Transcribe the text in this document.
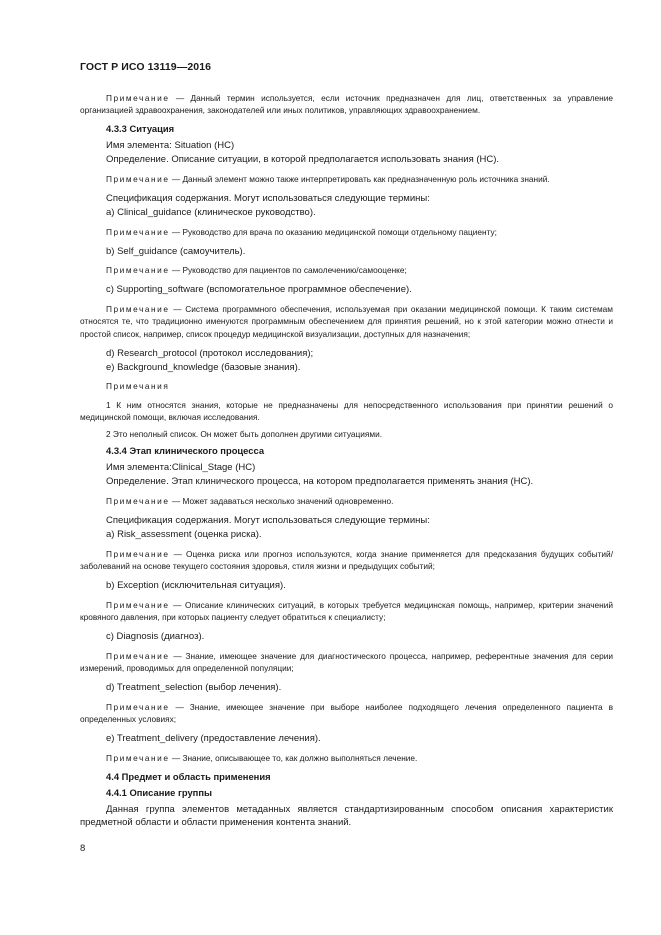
ГОСТ Р ИСО 13119—2016

Примечание — Данный термин используется, если источник предназначен для лиц, ответственных за управление организацией здравоохранения, законодателей или иных политиков, управляющих здравоохранением.

4.3.3 Ситуация

Имя элемента: Situation (HC)

Определение. Описание ситуации, в которой предполагается использовать знания (НС).

Примечание — Данный элемент можно также интерпретировать как предназначенную роль источника знаний.

Спецификация содержания. Могут использоваться следующие термины:

a) Clinical_guidance (клиническое руководство).

Примечание — Руководство для врача по оказанию медицинской помощи отдельному пациенту;

b) Self_guidance (самоучитель).

Примечание — Руководство для пациентов по самолечению/самооценке;

c) Supporting_software (вспомогательное программное обеспечение).

Примечание — Система программного обеспечения, используемая при оказании медицинской помощи. К таким системам относятся те, что традиционно именуются программным обеспечением для принятия решений, но к этой категории можно отнести и простой список, например, список процедур медицинской визуализации, доступных для назначения;

d) Research_protocol (протокол исследования);

e) Background_knowledge (базовые знания).

Примечания

1 К ним относятся знания, которые не предназначены для непосредственного использования при принятии решений о медицинской помощи, включая исследования.

2 Это неполный список. Он может быть дополнен другими ситуациями.

4.3.4 Этап клинического процесса

Имя элемента:Clinical_Stage (HC)

Определение. Этап клинического процесса, на котором предполагается применять знания (НС).

Примечание — Может задаваться несколько значений одновременно.

Спецификация содержания. Могут использоваться следующие термины:

a) Risk_assessment (оценка риска).

Примечание — Оценка риска или прогноз используются, когда знание применяется для предсказания будущих событий/заболеваний на основе текущего состояния здоровья, стиля жизни и предыдущих событий;

b) Exception (исключительная ситуация).

Примечание — Описание клинических ситуаций, в которых требуется медицинская помощь, например, критерии значений кровяного давления, при которых пациенту следует обратиться к специалисту;

c) Diagnosis (диагноз).

Примечание — Знание, имеющее значение для диагностического процесса, например, референтные значения для серии измерений, проводимых для определенной популяции;

d) Treatment_selection (выбор лечения).

Примечание — Знание, имеющее значение при выборе наиболее подходящего лечения определенного пациента в определенных условиях;

e) Treatment_delivery (предоставление лечения).

Примечание — Знание, описывающее то, как должно выполняться лечение.

4.4 Предмет и область применения

4.4.1 Описание группы

Данная группа элементов метаданных является стандартизированным способом описания характеристик предметной области и области применения контента знаний.

8
